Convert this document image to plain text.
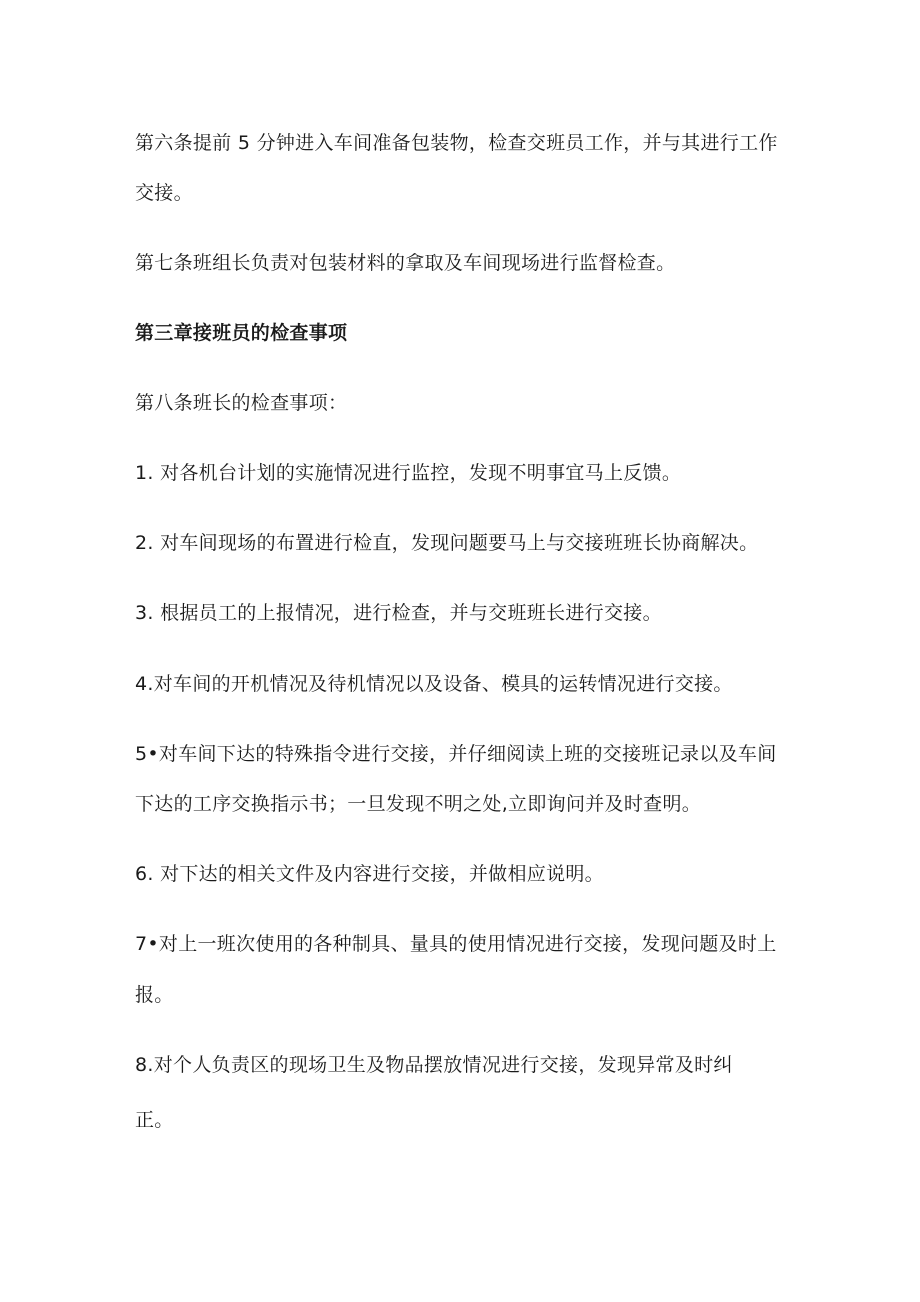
第六条提前 5 分钟进入车间准备包装物，检查交班员工作，并与其进行工作
交接。
第七条班组长负责对包装材料的拿取及车间现场进行监督检查。
第三章接班员的检查事项
第八条班长的检查事项：
1. 对各机台计划的实施情况进行监控，发现不明事宜马上反馈。
2. 对车间现场的布置进行检直，发现问题要马上与交接班班长协商解决。
3. 根据员工的上报情况，进行检查，并与交班班长进行交接。
4.对车间的开机情况及待机情况以及设备、模具的运转情况进行交接。
5•对车间下达的特殊指令进行交接，并仔细阅读上班的交接班记录以及车间
下达的工序交换指示书；一旦发现不明之处,立即询问并及时查明。
6. 对下达的相关文件及内容进行交接，并做相应说明。
7•对上一班次使用的各种制具、量具的使用情况进行交接，发现问题及时上
报。
8.对个人负责区的现场卫生及物品摆放情况进行交接，发现异常及时纠
正。
